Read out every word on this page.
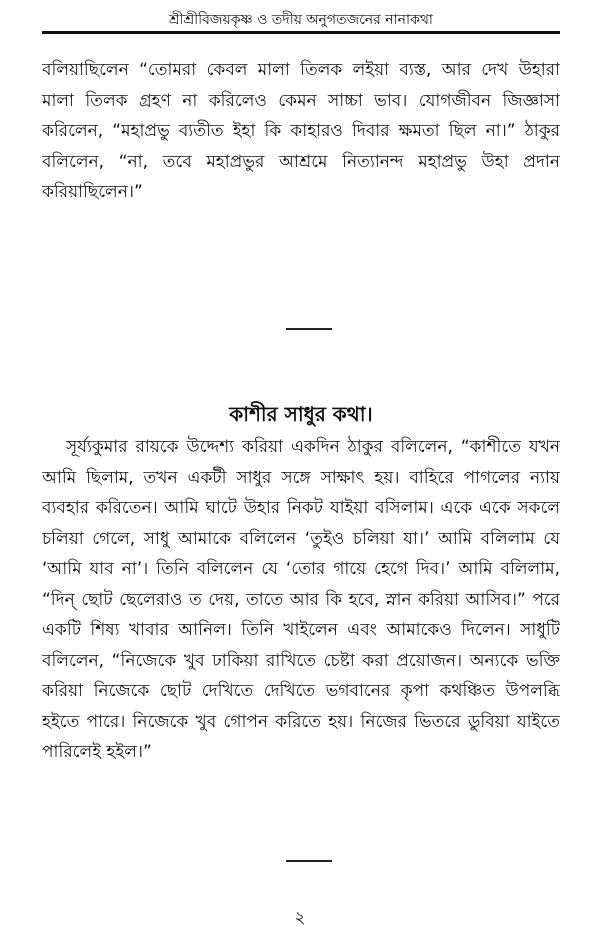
শ্রীশ্রীবিজয়কৃষ্ণ ও তদীয় অনুগতজনের নানাকথা
বলিয়াছিলেন “তোমরা কেবল মালা তিলক লইয়া ব্যস্ত, আর দেখ উহারা
মালা তিলক গ্রহণ না করিলেও কেমন সাচ্চা ভাব। যোগজীবন জিজ্ঞাসা
করিলেন, “মহাপ্রভু ব্যতীত ইহা কি কাহারও দিবার ক্ষমতা ছিল না।” ঠাকুর
বলিলেন, “না, তবে মহাপ্রভুর আশ্রমে নিত্যানন্দ মহাপ্রভু উহা প্রদান
করিয়াছিলেন।”
কাশীর সাধুর কথা।
সূর্য্যকুমার রায়কে উদ্দেশ্য করিয়া একদিন ঠাকুর বলিলেন, “কাশীতে যখন
আমি ছিলাম, তখন একটী সাধুর সঙ্গে সাক্ষাৎ হয়। বাহিরে পাগলের ন্যায়
ব্যবহার করিতেন। আমি ঘাটে উহার নিকট যাইয়া বসিলাম। একে একে সকলে
চলিয়া গেলে, সাধু আমাকে বলিলেন ‘তুইও চলিয়া যা।’ আমি বলিলাম যে
‘আমি যাব না’। তিনি বলিলেন যে ‘তোর গায়ে হেগে দিব।’ আমি বলিলাম,
“দিন্ ছোট ছেলেরাও ত দেয়, তাতে আর কি হবে, স্নান করিয়া আসিব।” পরে
একটি শিষ্য খাবার আনিল। তিনি খাইলেন এবং আমাকেও দিলেন। সাধুটি
বলিলেন, “নিজেকে খুব ঢাকিয়া রাখিতে চেষ্টা করা প্রয়োজন। অন্যকে ভক্তি
করিয়া নিজেকে ছোট দেখিতে দেখিতে ভগবানের কৃপা কথঞ্চিত উপলব্ধি
হইতে পারে। নিজেকে খুব গোপন করিতে হয়। নিজের ভিতরে ডুবিয়া যাইতে
পারিলেই হইল।”
২
